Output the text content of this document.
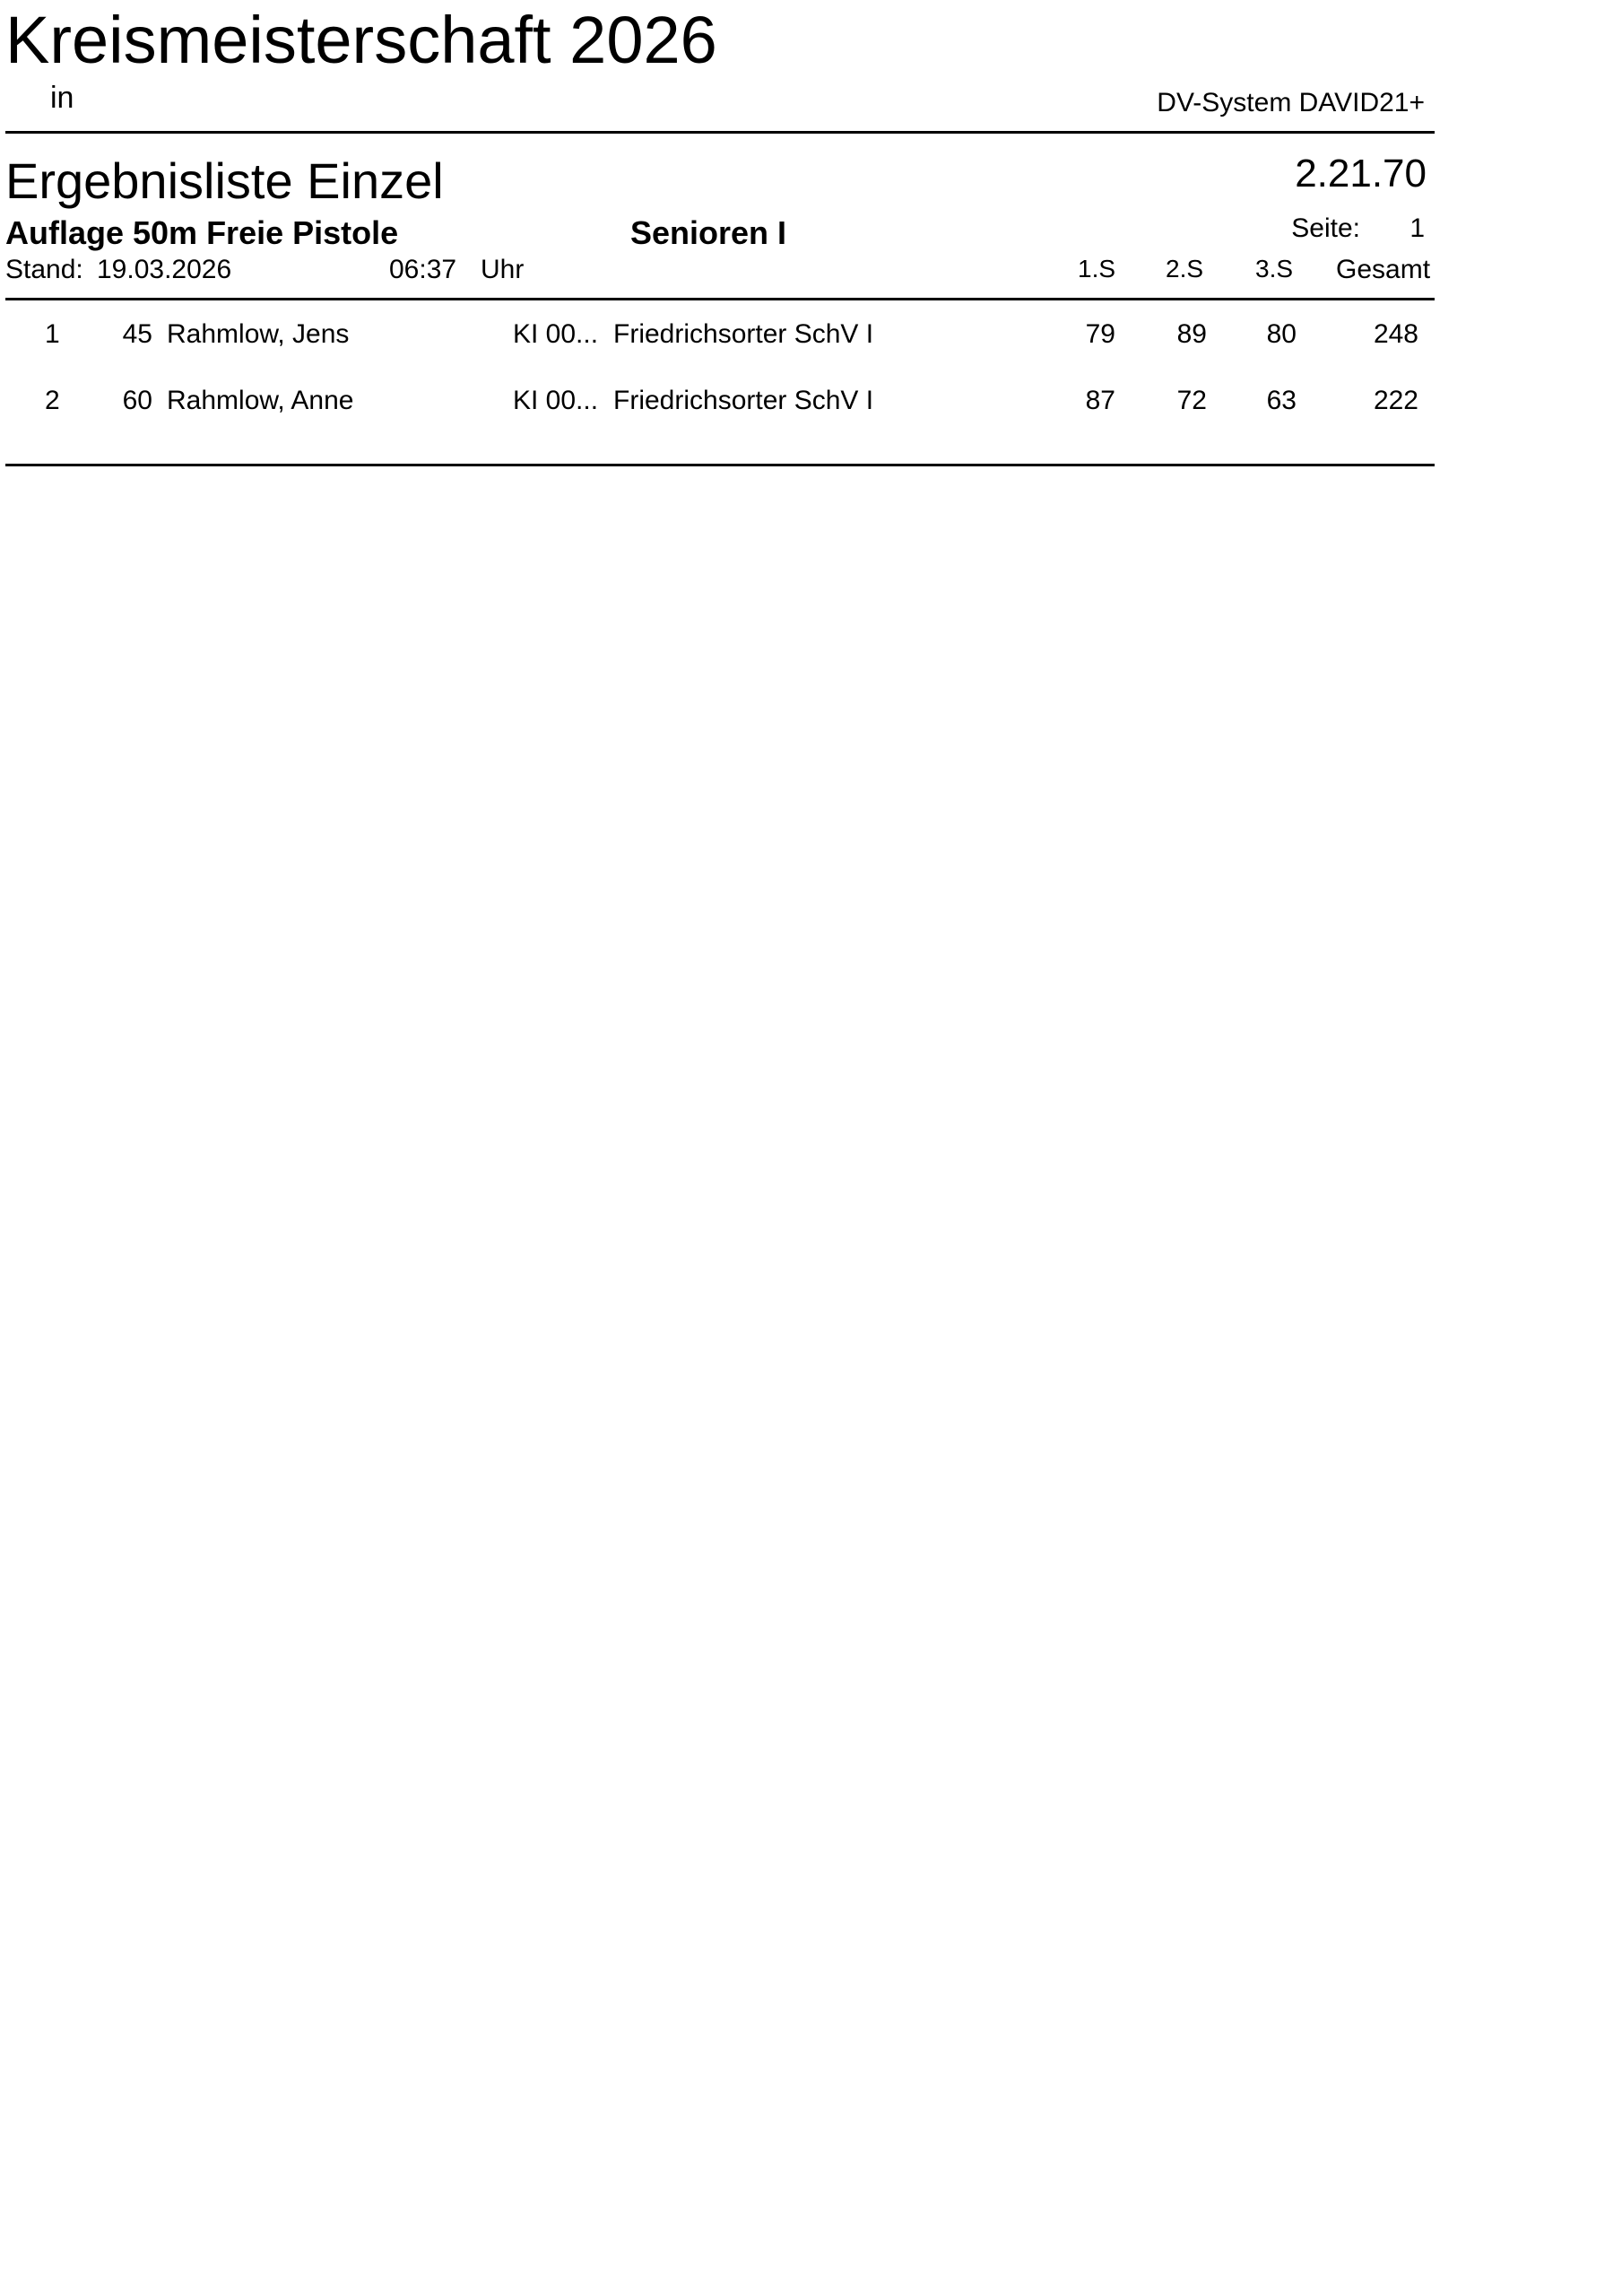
Kreismeisterschaft 2026
in	DV-System DAVID21+
Ergebnisliste Einzel	2.21.70
Auflage 50m Freie Pistole	Senioren I	Seite: 1
Stand: 19.03.2026	06:37 Uhr	1.S 2.S 3.S Gesamt
1	45 Rahmlow, Jens	KI 00... Friedrichsorter SchV I	79	89	80	248
2	60 Rahmlow, Anne	KI 00... Friedrichsorter SchV I	87	72	63	222
